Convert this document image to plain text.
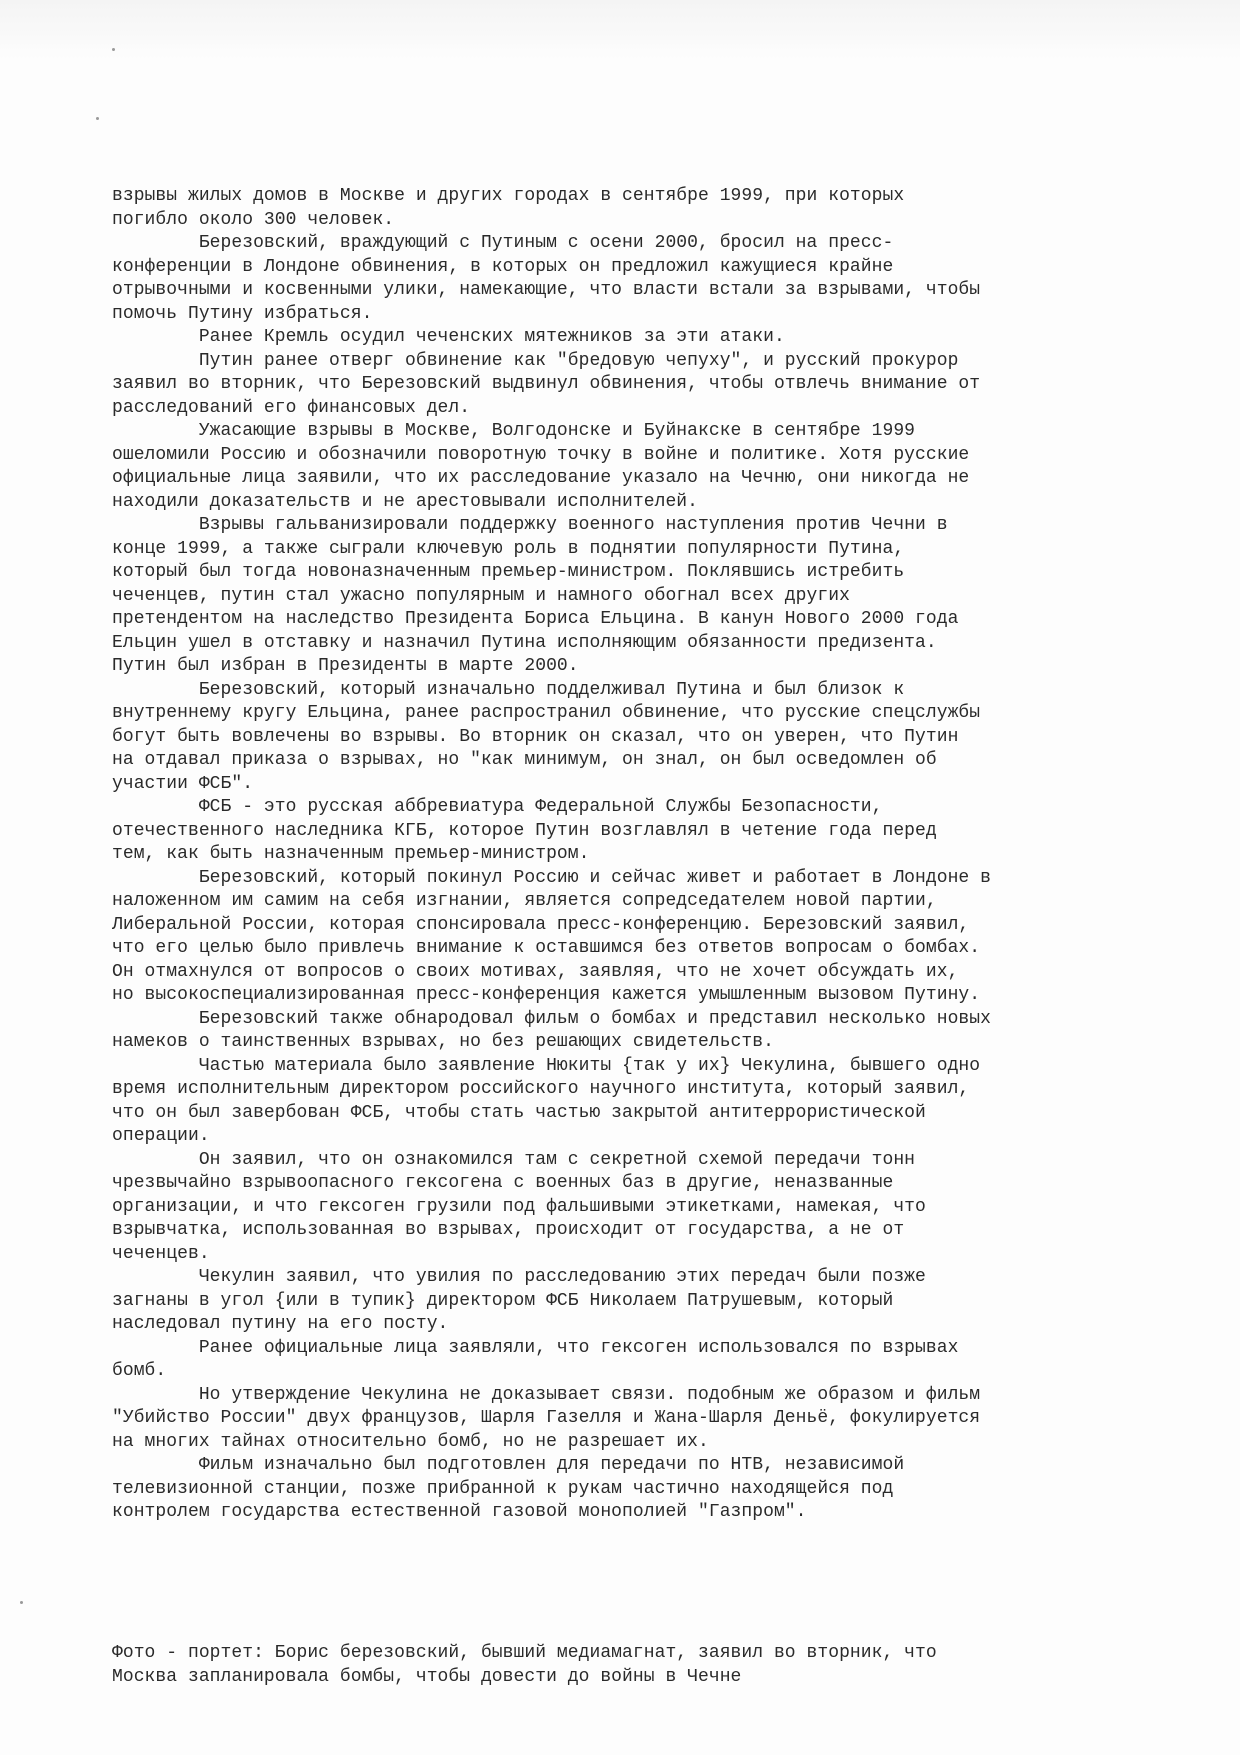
взрывы жилых домов в Москве и других городах в сентябре 1999, при которых
погибло около 300 человек.
Березовский, враждующий с Путиным с осени 2000, бросил на пресс-
конференции в Лондоне обвинения, в которых он предложил кажущиеся крайне
отрывочными и косвенными улики, намекающие, что власти встали за взрывами, чтобы
помочь Путину избраться.
Ранее Кремль осудил чеченских мятежников за эти атаки.
Путин ранее отверг обвинение как "бредовую чепуху", и русский прокурор
заявил во вторник, что Березовский выдвинул обвинения, чтобы отвлечь внимание от
расследований его финансовых дел.
Ужасающие взрывы в Москве, Волгодонске и Буйнакске в сентябре 1999
ошеломили Россию и обозначили поворотную точку в войне и политике. Хотя русские
официальные лица заявили, что их расследование указало на Чечню, они никогда не
находили доказательств и не арестовывали исполнителей.
Взрывы гальванизировали поддержку военного наступления против Чечни в
конце 1999, а также сыграли ключевую роль в поднятии популярности Путина,
который был тогда новоназначенным премьер-министром. Поклявшись истребить
чеченцев, путин стал ужасно популярным и намного обогнал всех других
претендентом на наследство Президента Бориса Ельцина. В канун Нового 2000 года
Ельцин ушел в отставку и назначил Путина исполняющим обязанности предизента.
Путин был избран в Президенты в марте 2000.
Березовский, который изначально подделживал Путина и был близок к
внутреннему кругу Ельцина, ранее распространил обвинение, что русские спецслужбы
богут быть вовлечены во взрывы. Во вторник он сказал, что он уверен, что Путин
на отдавал приказа о взрывах, но "как минимум, он знал, он был осведомлен об
участии ФСБ".
ФСБ - это русская аббревиатура Федеральной Службы Безопасности,
отечественного наследника КГБ, которое Путин возглавлял в четение года перед
тем, как быть назначенным премьер-министром.
Березовский, который покинул Россию и сейчас живет и работает в Лондоне в
наложенном им самим на себя изгнании, является сопредседателем новой партии,
Либеральной России, которая спонсировала пресс-конференцию. Березовский заявил,
что его целью было привлечь внимание к оставшимся без ответов вопросам о бомбах.
Он отмахнулся от вопросов о своих мотивах, заявляя, что не хочет обсуждать их,
но высокоспециализированная пресс-конференция кажется умышленным вызовом Путину.
Березовский также обнародовал фильм о бомбах и представил несколько новых
намеков о таинственных взрывах, но без решающих свидетельств.
Частью материала было заявление Нюкиты {так у их} Чекулина, бывшего одно
время исполнительным директором российского научного института, который заявил,
что он был завербован ФСБ, чтобы стать частью закрытой антитеррористической
операции.
Он заявил, что он ознакомился там с секретной схемой передачи тонн
чрезвычайно взрывоопасного гексогена с военных баз в другие, неназванные
организации, и что гексоген грузили под фальшивыми этикетками, намекая, что
взрывчатка, использованная во взрывах, происходит от государства, а не от
чеченцев.
Чекулин заявил, что увилия по расследованию этих передач были позже
загнаны в угол {или в тупик} директором ФСБ Николаем Патрушевым, который
наследовал путину на его посту.
Ранее официальные лица заявляли, что гексоген использовался по взрывах
бомб.
Но утверждение Чекулина не доказывает связи. подобным же образом и фильм
"Убийство России" двух французов, Шарля Газелля и Жана-Шарля Деньё, фокулируется
на многих тайнах относительно бомб, но не разрешает их.
Фильм изначально был подготовлен для передачи по НТВ, независимой
телевизионной станции, позже прибранной к рукам частично находящейся под
контролем государства естественной газовой монополией "Газпром".

Фото - портет: Борис березовский, бывший медиамагнат, заявил во вторник, что
Москва запланировала бомбы, чтобы довести до войны в Чечне
